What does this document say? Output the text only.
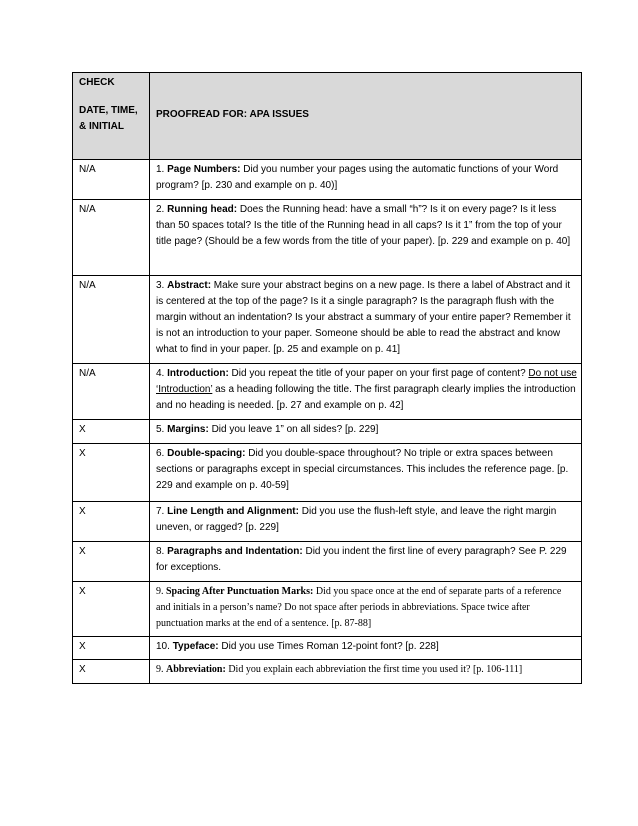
CHECK
DATE, TIME,
& INITIAL	PROOFREAD FOR: APA ISSUES
N/A	1. Page Numbers: Did you number your pages using the automatic functions of your Word program? [p. 230 and example on p. 40)]
N/A	2. Running head: Does the Running head: have a small “h”? Is it on every page? Is it less than 50 spaces total? Is the title of the Running head in all caps? Is it 1” from the top of your title page? (Should be a few words from the title of your paper). [p. 229 and example on p. 40]
N/A	3. Abstract: Make sure your abstract begins on a new page. Is there a label of Abstract and it is centered at the top of the page? Is it a single paragraph? Is the paragraph flush with the margin without an indentation? Is your abstract a summary of your entire paper? Remember it is not an introduction to your paper. Someone should be able to read the abstract and know what to find in your paper. [p. 25 and example on p. 41]
N/A	4. Introduction: Did you repeat the title of your paper on your first page of content? Do not use ‘Introduction’ as a heading following the title. The first paragraph clearly implies the introduction and no heading is needed. [p. 27 and example on p. 42]
X	5. Margins: Did you leave 1” on all sides? [p. 229]
X	6. Double-spacing: Did you double-space throughout? No triple or extra spaces between sections or paragraphs except in special circumstances. This includes the reference page. [p. 229 and example on p. 40-59]
X	7. Line Length and Alignment: Did you use the flush-left style, and leave the right margin uneven, or ragged? [p. 229]
X	8. Paragraphs and Indentation: Did you indent the first line of every paragraph? See P. 229 for exceptions.
X	9. Spacing After Punctuation Marks: Did you space once at the end of separate parts of a reference and initials in a person’s name? Do not space after periods in abbreviations. Space twice after punctuation marks at the end of a sentence. [p. 87-88]
X	10. Typeface: Did you use Times Roman 12-point font? [p. 228]
X	9. Abbreviation: Did you explain each abbreviation the first time you used it? [p. 106-111]
